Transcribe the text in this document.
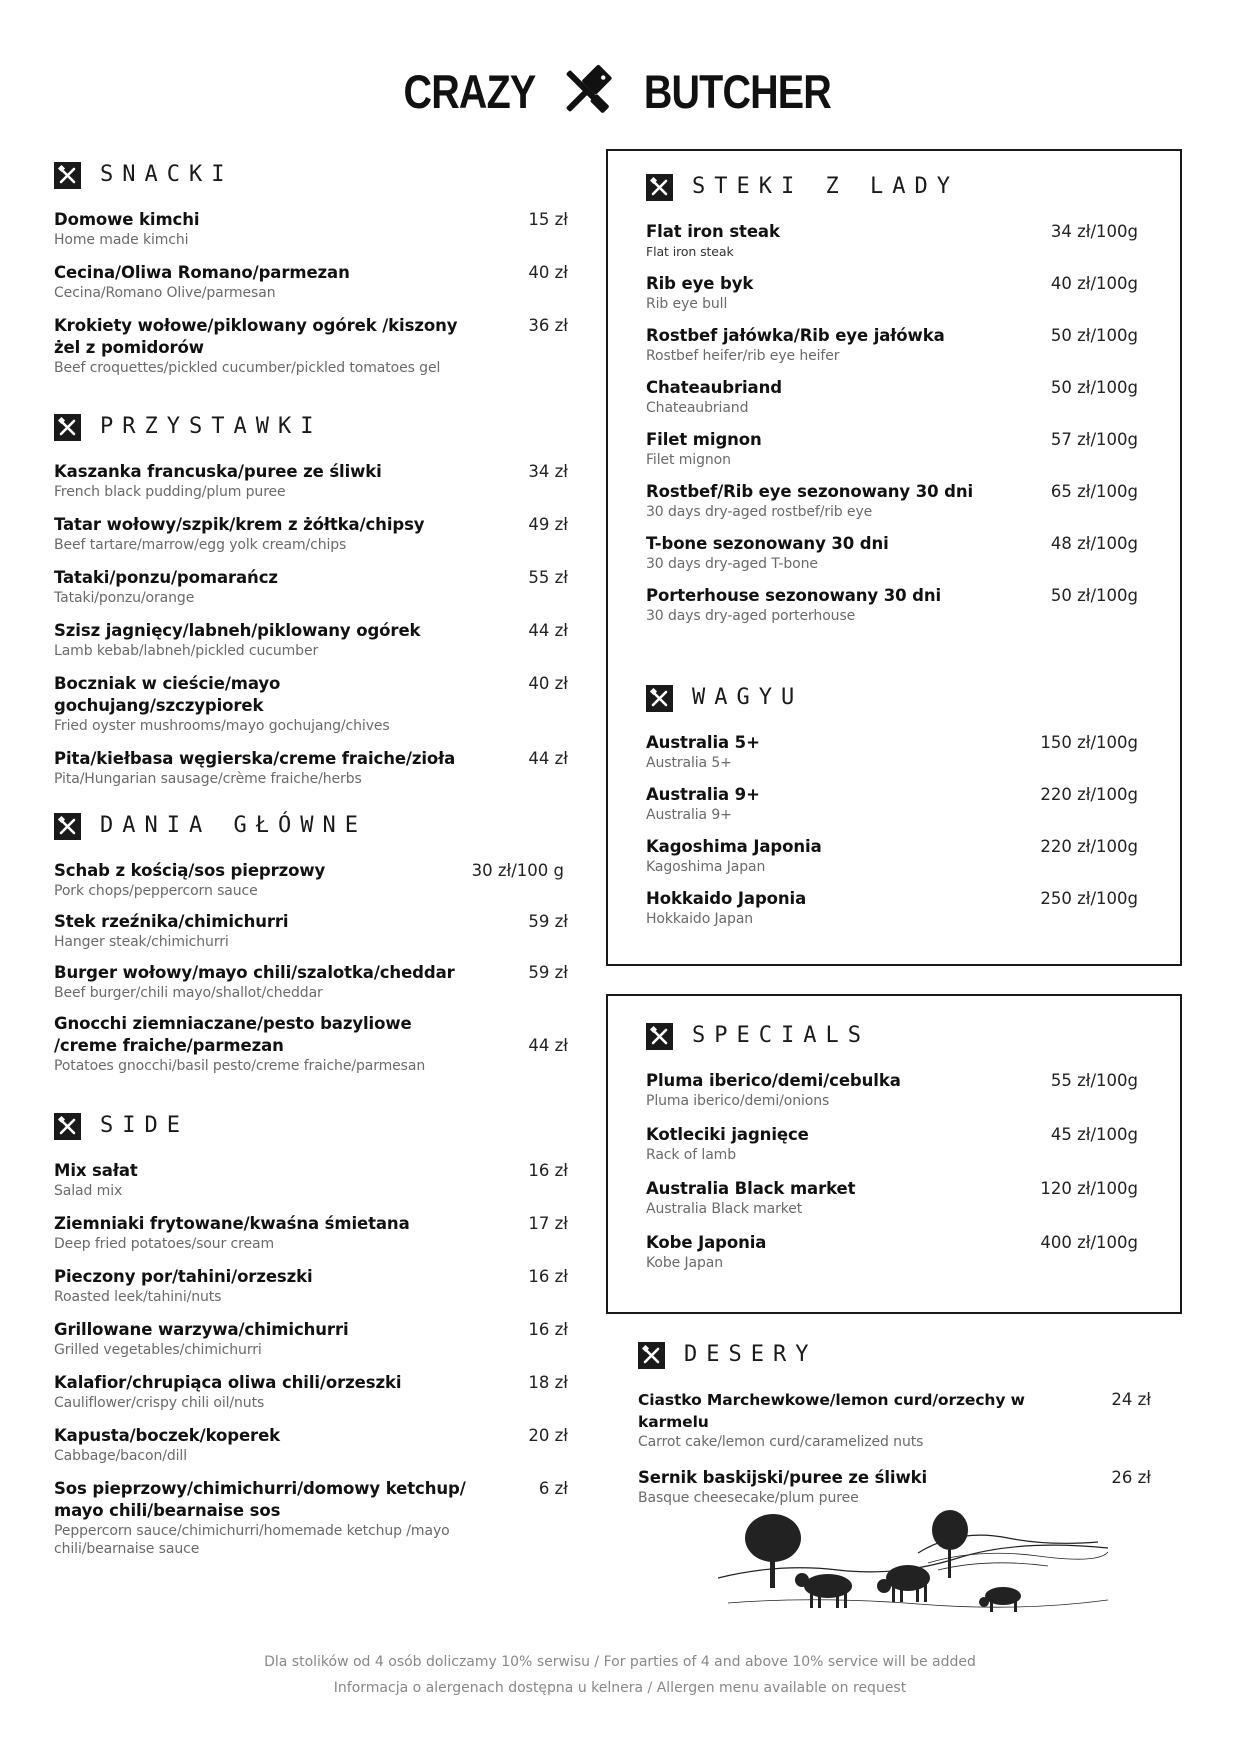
CRAZY BUTCHER
SNACKI
Domowe kimchi
Home made kimchi
15 zł
Cecina/Oliwa Romano/parmezan
Cecina/Romano Olive/parmesan
40 zł
Krokiety wołowe/piklowany ogórek /kiszony żel z pomidorów
Beef croquettes/pickled cucumber/pickled tomatoes gel
36 zł
PRZYSTAWKI
Kaszanka francuska/puree ze śliwki
French black pudding/plum puree
34 zł
Tatar wołowy/szpik/krem z żółtka/chipsy
Beef tartare/marrow/egg yolk cream/chips
49 zł
Tataki/ponzu/pomarańcz
Tataki/ponzu/orange
55 zł
Szisz jagnięcy/labneh/piklowany ogórek
Lamb kebab/labneh/pickled cucumber
44 zł
Boczniak w cieście/mayo gochujang/szczypiorek
Fried oyster mushrooms/mayo gochujang/chives
40 zł
Pita/kiełbasa węgierska/creme fraiche/zioła
Pita/Hungarian sausage/crème fraiche/herbs
44 zł
DANIA GŁÓWNE
Schab z kością/sos pieprzowy
Pork chops/peppercorn sauce
30 zł/100 g
Stek rzeźnika/chimichurri
Hanger steak/chimichurri
59 zł
Burger wołowy/mayo chili/szalotka/cheddar
Beef burger/chili mayo/shallot/cheddar
59 zł
Gnocchi ziemniaczane/pesto bazyliowe /creme fraiche/parmezan
Potatoes gnocchi/basil pesto/creme fraiche/parmesan
44 zł
SIDE
Mix sałat
Salad mix
16 zł
Ziemniaki frytowane/kwaśna śmietana
Deep fried potatoes/sour cream
17 zł
Pieczony por/tahini/orzeszki
Roasted leek/tahini/nuts
16 zł
Grillowane warzywa/chimichurri
Grilled vegetables/chimichurri
16 zł
Kalafior/chrupiąca oliwa chili/orzeszki
Cauliflower/crispy chili oil/nuts
18 zł
Kapusta/boczek/koperek
Cabbage/bacon/dill
20 zł
Sos pieprzowy/chimichurri/domowy ketchup/ mayo chili/bearnaise sos
Peppercorn sauce/chimichurri/homemade ketchup /mayo chili/bearnaise sauce
6 zł
STEKI Z LADY
Flat iron steak
Flat iron steak
34 zł/100g
Rib eye byk
Rib eye bull
40 zł/100g
Rostbef jałówka/Rib eye jałówka
Rostbef heifer/rib eye heifer
50 zł/100g
Chateaubriand
Chateaubriand
50 zł/100g
Filet mignon
Filet mignon
57 zł/100g
Rostbef/Rib eye sezonowany 30 dni
30 days dry-aged rostbef/rib eye
65 zł/100g
T-bone sezonowany 30 dni
30 days dry-aged T-bone
48 zł/100g
Porterhouse sezonowany 30 dni
30 days dry-aged porterhouse
50 zł/100g
WAGYU
Australia 5+
Australia 5+
150 zł/100g
Australia 9+
Australia 9+
220 zł/100g
Kagoshima Japonia
Kagoshima Japan
220 zł/100g
Hokkaido Japonia
Hokkaido Japan
250 zł/100g
SPECIALS
Pluma iberico/demi/cebulka
Pluma iberico/demi/onions
55 zł/100g
Kotleciki jagnięce
Rack of lamb
45 zł/100g
Australia Black market
Australia Black market
120 zł/100g
Kobe Japonia
Kobe Japan
400 zł/100g
DESERY
Ciastko Marchewkowe/lemon curd/orzechy w karmelu
Carrot cake/lemon curd/caramelized nuts
24 zł
Sernik baskijski/puree ze śliwki
Basque cheesecake/plum puree
26 zł
Dla stolików od 4 osób doliczamy 10% serwisu / For parties of 4 and above 10% service will be added
Informacja o alergenach dostępna u kelnera / Allergen menu available on request
